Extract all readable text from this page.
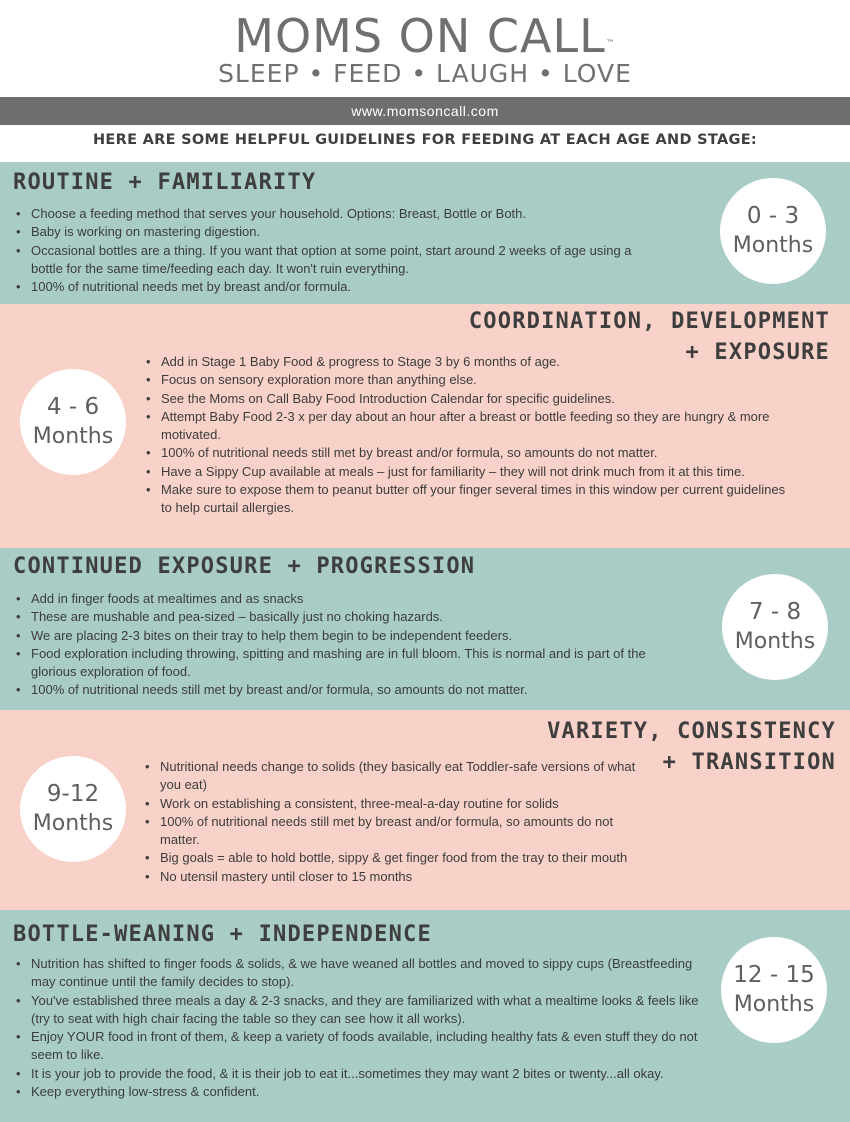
MOMS ON CALL™
SLEEP • FEED • LAUGH • LOVE
www.momsoncall.com
HERE ARE SOME HELPFUL GUIDELINES FOR FEEDING AT EACH AGE AND STAGE:
ROUTINE + FAMILIARITY
• Choose a feeding method that serves your household. Options: Breast, Bottle or Both.
• Baby is working on mastering digestion.
• Occasional bottles are a thing. If you want that option at some point, start around 2 weeks of age using a bottle for the same time/feeding each day. It won't ruin everything.
• 100% of nutritional needs met by breast and/or formula.
0 - 3
Months
COORDINATION, DEVELOPMENT
+ EXPOSURE
• Add in Stage 1 Baby Food & progress to Stage 3 by 6 months of age.
• Focus on sensory exploration more than anything else.
• See the Moms on Call Baby Food Introduction Calendar for specific guidelines.
• Attempt Baby Food 2-3 x per day about an hour after a breast or bottle feeding so they are hungry & more motivated.
• 100% of nutritional needs still met by breast and/or formula, so amounts do not matter.
• Have a Sippy Cup available at meals – just for familiarity – they will not drink much from it at this time.
• Make sure to expose them to peanut butter off your finger several times in this window per current guidelines to help curtail allergies.
4 - 6
Months
CONTINUED EXPOSURE + PROGRESSION
• Add in finger foods at mealtimes and as snacks
• These are mushable and pea-sized – basically just no choking hazards.
• We are placing 2-3 bites on their tray to help them begin to be independent feeders.
• Food exploration including throwing, spitting and mashing are in full bloom. This is normal and is part of the glorious exploration of food.
• 100% of nutritional needs still met by breast and/or formula, so amounts do not matter.
7 - 8
Months
VARIETY, CONSISTENCY
+ TRANSITION
• Nutritional needs change to solids (they basically eat Toddler-safe versions of what you eat)
• Work on establishing a consistent, three-meal-a-day routine for solids
• 100% of nutritional needs still met by breast and/or formula, so amounts do not matter.
• Big goals = able to hold bottle, sippy & get finger food from the tray to their mouth
• No utensil mastery until closer to 15 months
9-12
Months
BOTTLE-WEANING + INDEPENDENCE
• Nutrition has shifted to finger foods & solids, & we have weaned all bottles and moved to sippy cups (Breastfeeding may continue until the family decides to stop).
• You've established three meals a day & 2-3 snacks, and they are familiarized with what a mealtime looks & feels like (try to seat with high chair facing the table so they can see how it all works).
• Enjoy YOUR food in front of them, & keep a variety of foods available, including healthy fats & even stuff they do not seem to like.
• It is your job to provide the food, & it is their job to eat it...sometimes they may want 2 bites or twenty...all okay.
• Keep everything low-stress & confident.
12 - 15
Months
